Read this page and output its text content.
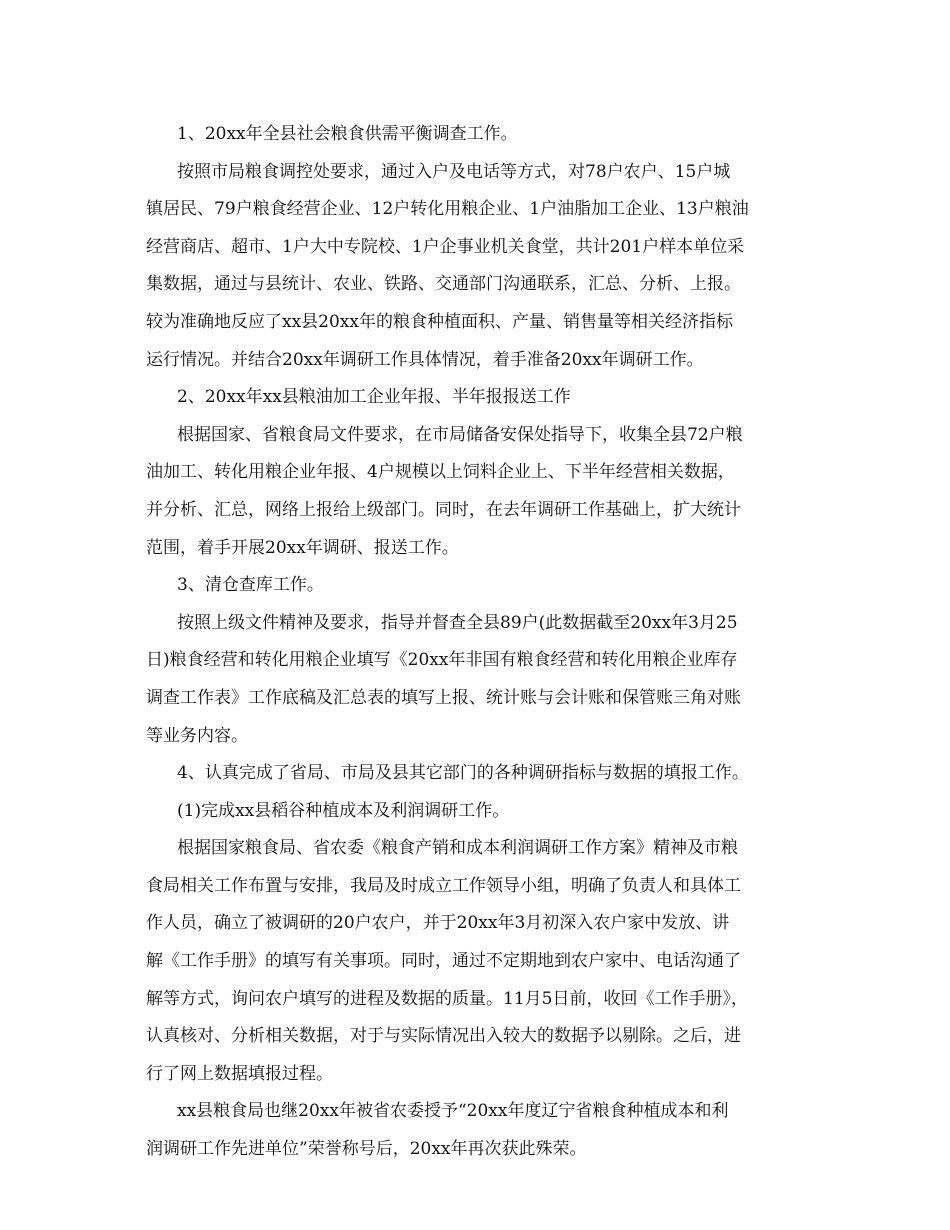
1、20xx年全县社会粮食供需平衡调查工作。
按照市局粮食调控处要求，通过入户及电话等方式，对78户农户、15户城
镇居民、79户粮食经营企业、12户转化用粮企业、1户油脂加工企业、13户粮油
经营商店、超市、1户大中专院校、1户企事业机关食堂，共计201户样本单位采
集数据，通过与县统计、农业、铁路、交通部门沟通联系，汇总、分析、上报。
较为准确地反应了xx县20xx年的粮食种植面积、产量、销售量等相关经济指标
运行情况。并结合20xx年调研工作具体情况，着手准备20xx年调研工作。
2、20xx年xx县粮油加工企业年报、半年报报送工作
根据国家、省粮食局文件要求，在市局储备安保处指导下，收集全县72户粮
油加工、转化用粮企业年报、4户规模以上饲料企业上、下半年经营相关数据，
并分析、汇总，网络上报给上级部门。同时，在去年调研工作基础上，扩大统计
范围，着手开展20xx年调研、报送工作。
3、清仓查库工作。
按照上级文件精神及要求，指导并督查全县89户(此数据截至20xx年3月25
日)粮食经营和转化用粮企业填写《20xx年非国有粮食经营和转化用粮企业库存
调查工作表》工作底稿及汇总表的填写上报、统计账与会计账和保管账三角对账
等业务内容。
4、认真完成了省局、市局及县其它部门的各种调研指标与数据的填报工作。
(1)完成xx县稻谷种植成本及利润调研工作。
根据国家粮食局、省农委《粮食产销和成本利润调研工作方案》精神及市粮
食局相关工作布置与安排，我局及时成立工作领导小组，明确了负责人和具体工
作人员，确立了被调研的20户农户，并于20xx年3月初深入农户家中发放、讲
解《工作手册》的填写有关事项。同时，通过不定期地到农户家中、电话沟通了
解等方式，询问农户填写的进程及数据的质量。11月5日前，收回《工作手册》，
认真核对、分析相关数据，对于与实际情况出入较大的数据予以剔除。之后，进
行了网上数据填报过程。
xx县粮食局也继20xx年被省农委授予“20xx年度辽宁省粮食种植成本和利
润调研工作先进单位”荣誉称号后，20xx年再次获此殊荣。
